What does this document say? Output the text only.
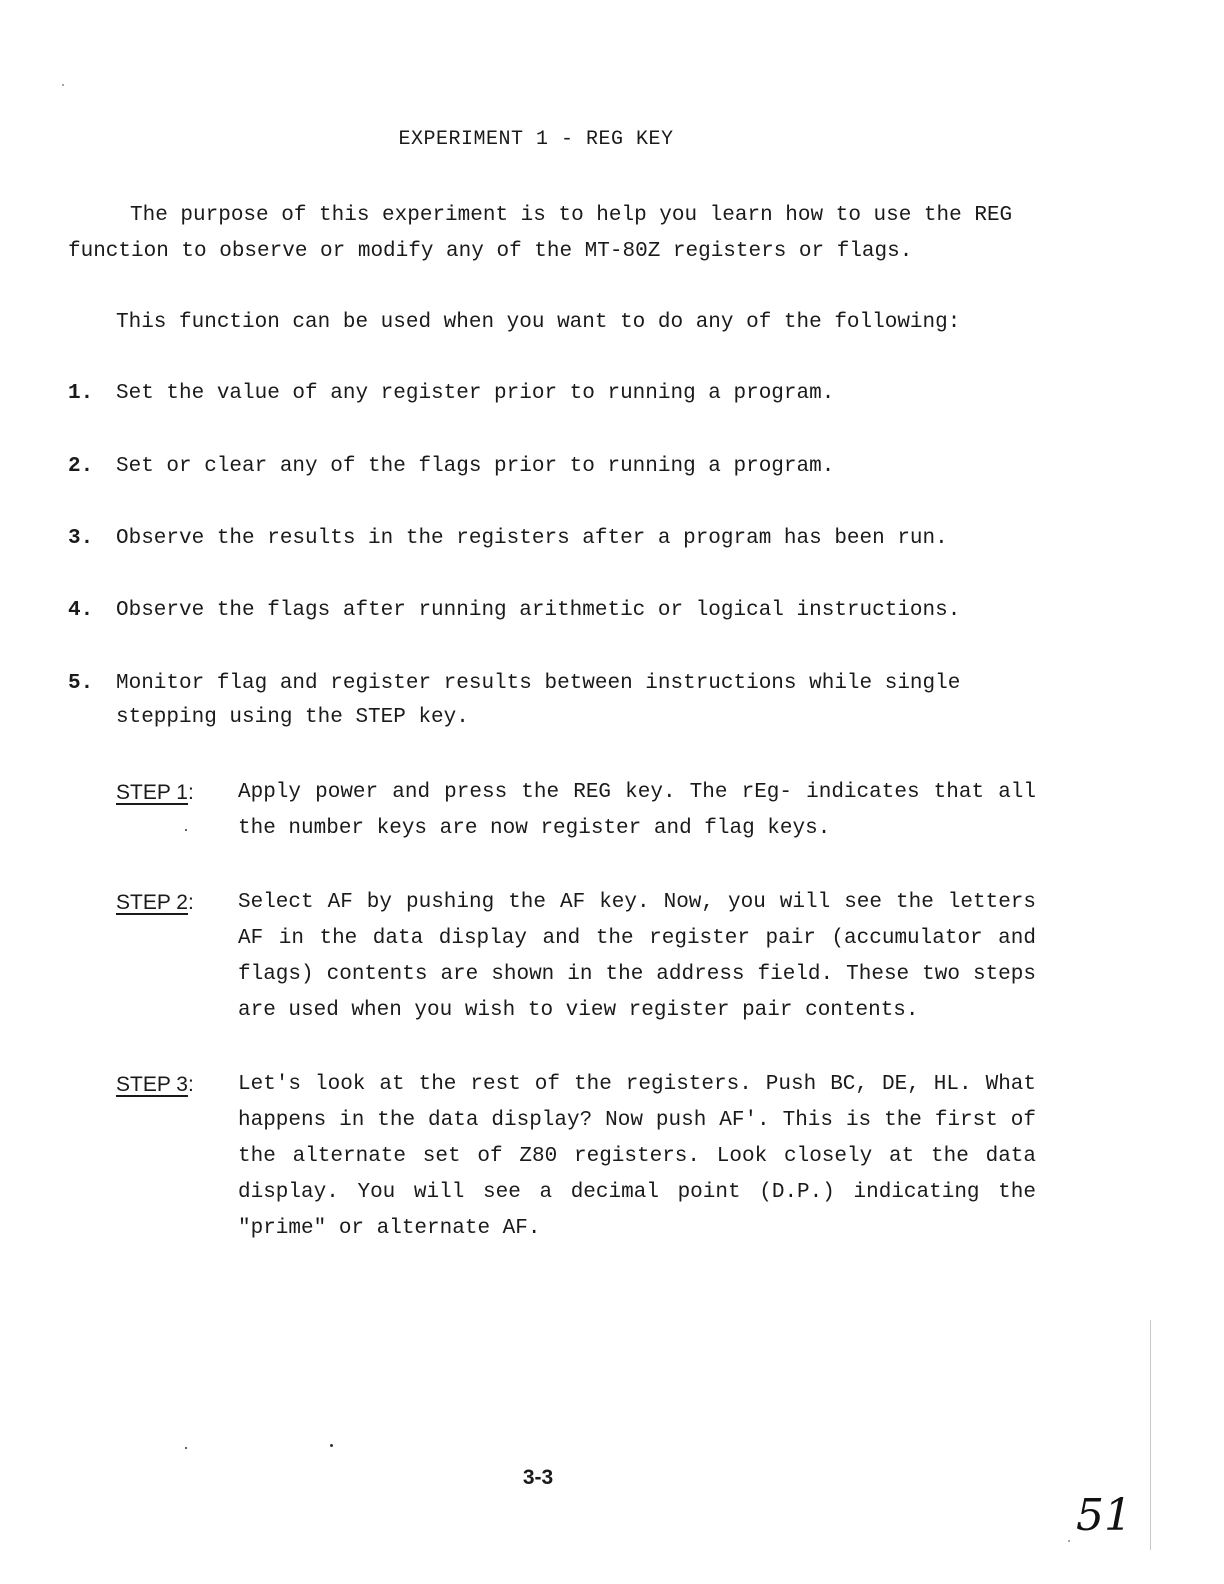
EXPERIMENT 1 - REG KEY
The purpose of this experiment is to help you learn how to use the REG function to observe or modify any of the MT-80Z registers or flags.
This function can be used when you want to do any of the following:
1.	Set the value of any register prior to running a program.
2.	Set or clear any of the flags prior to running a program.
3.	Observe the results in the registers after a program has been run.
4.	Observe the flags after running arithmetic or logical instructions.
5.	Monitor flag and register results between instructions while single stepping using the STEP key.
STEP 1:	Apply power and press the REG key. The rEg- indicates that all the number keys are now register and flag keys.
STEP 2:	Select AF by pushing the AF key. Now, you will see the letters AF in the data display and the register pair (accumulator and flags) contents are shown in the address field. These two steps are used when you wish to view register pair contents.
STEP 3:	Let's look at the rest of the registers. Push BC, DE, HL. What happens in the data display? Now push AF'. This is the first of the alternate set of Z80 registers. Look closely at the data display. You will see a decimal point (D.P.) indicating the "prime" or alternate AF.
3-3
51
